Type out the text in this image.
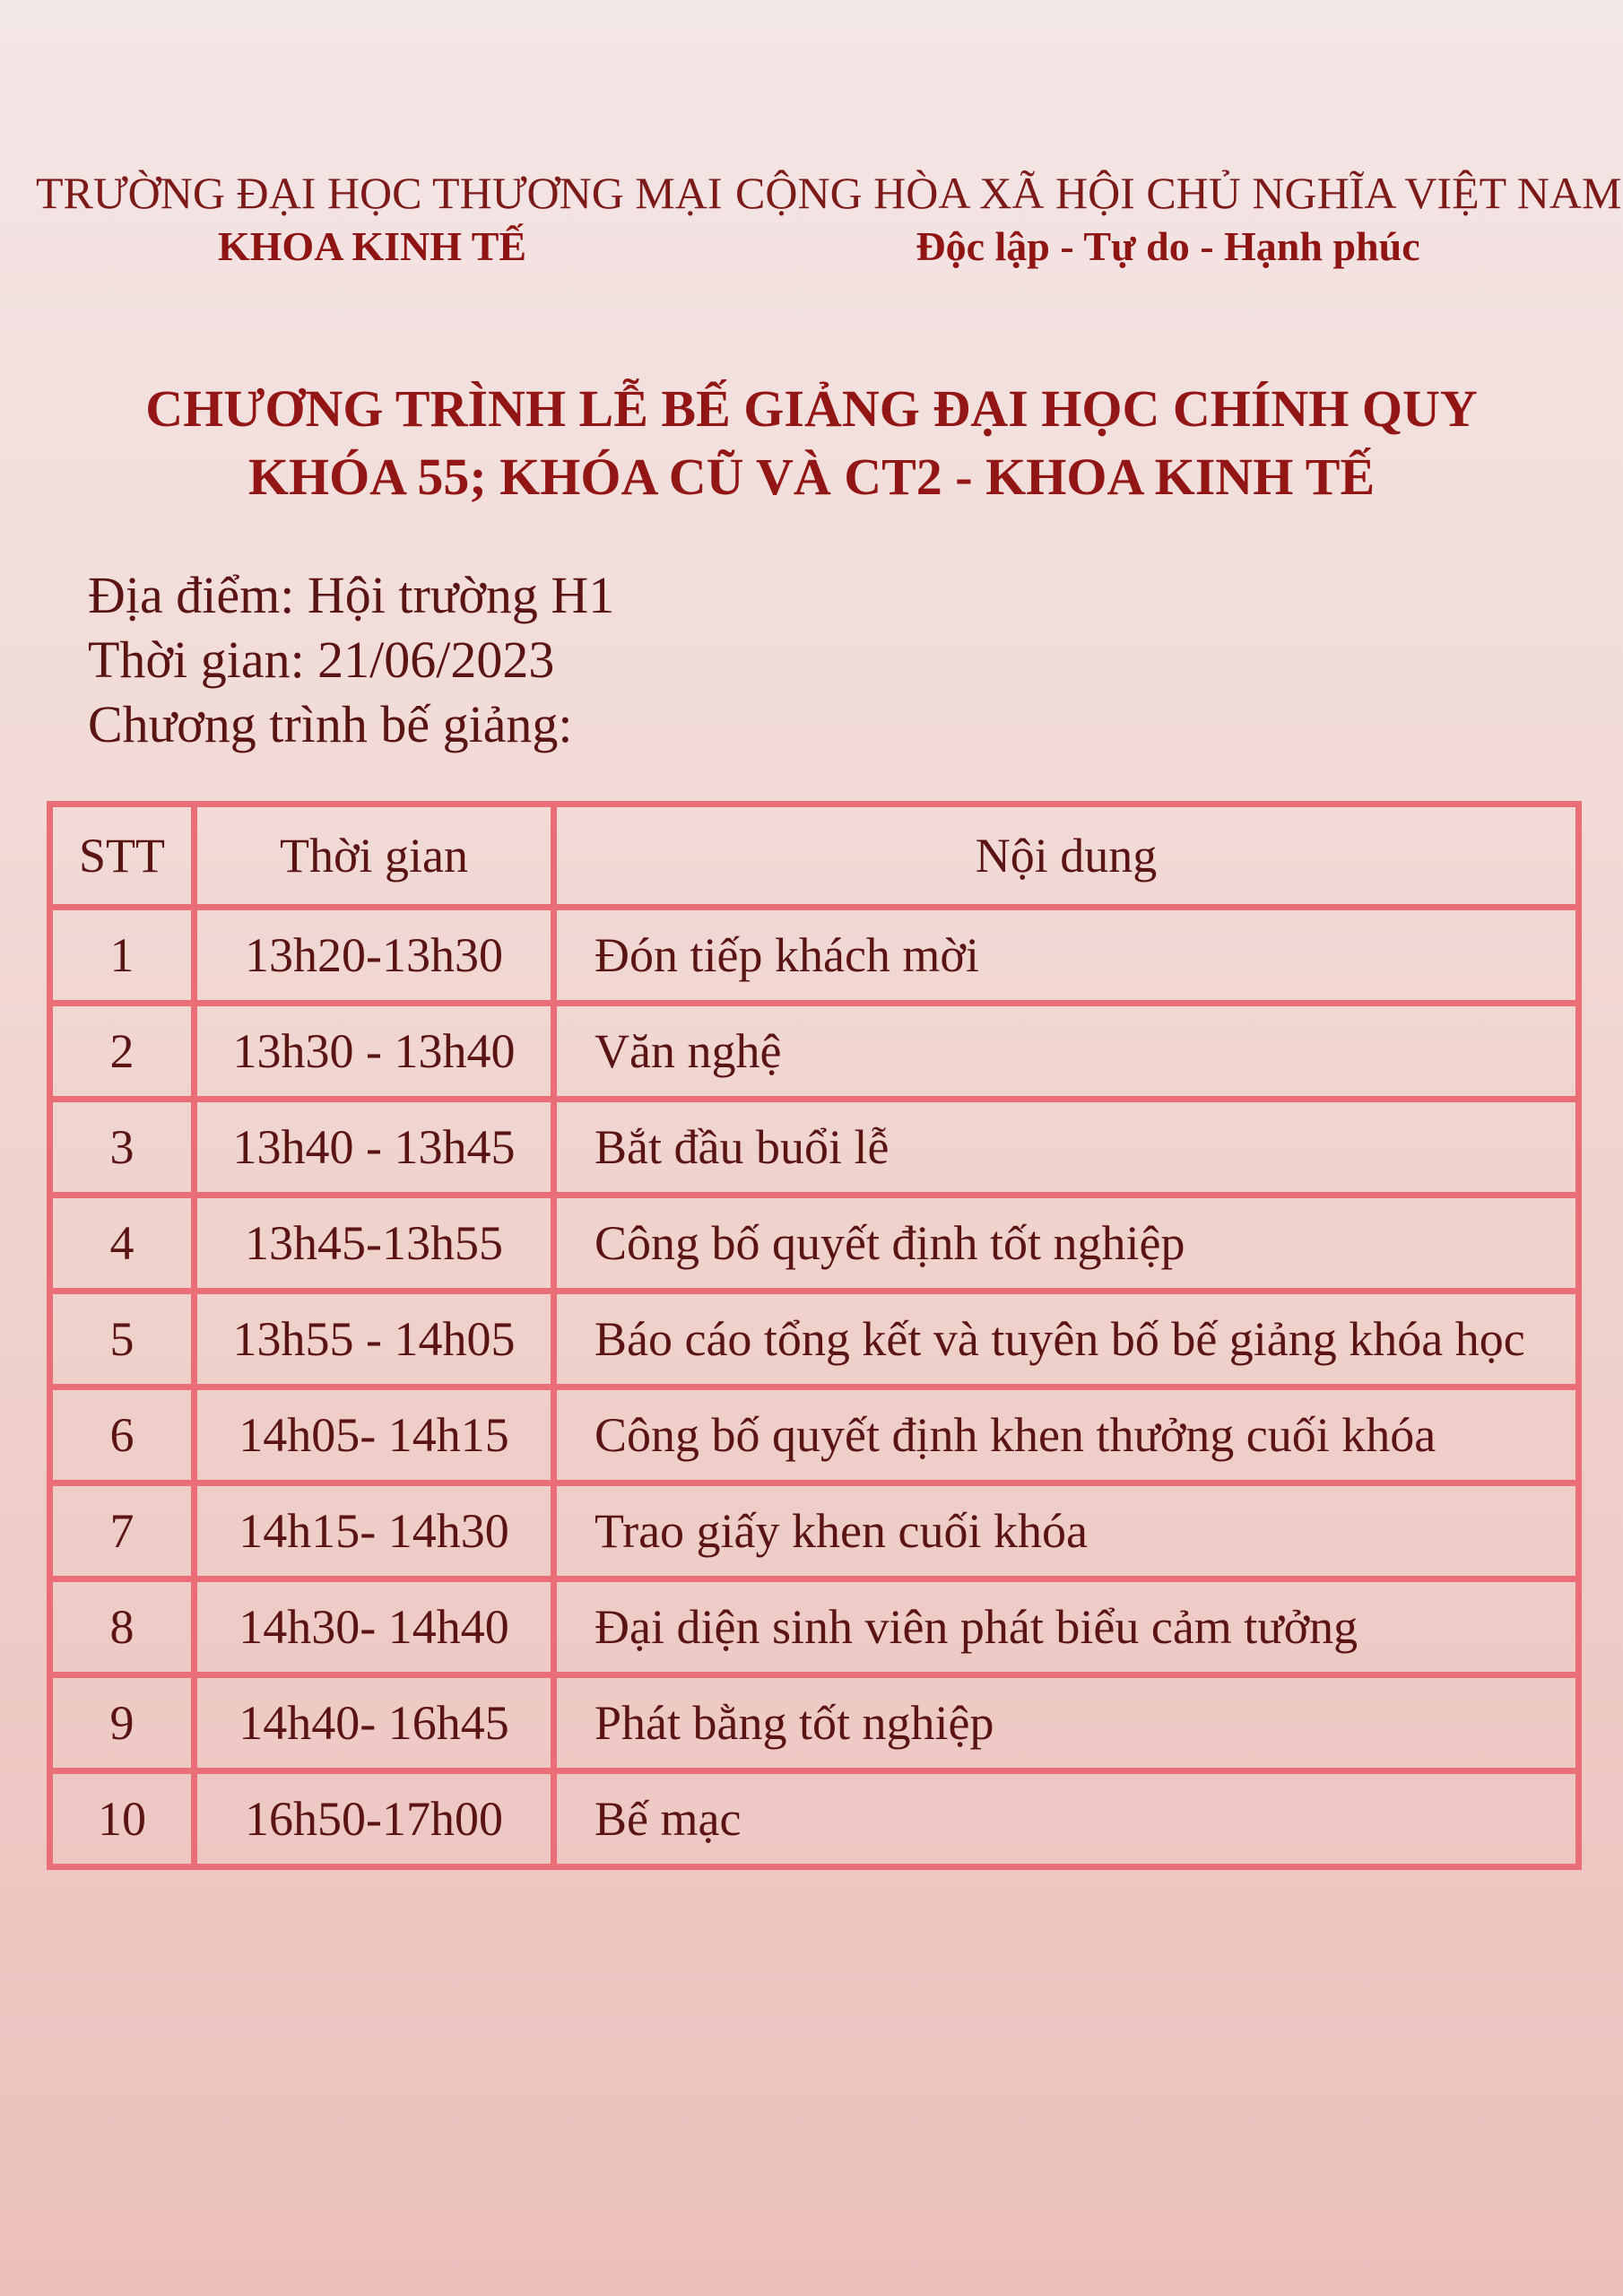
TRƯỜNG ĐẠI HỌC THƯƠNG MẠI
KHOA KINH TẾ
CỘNG HÒA XÃ HỘI CHỦ NGHĨA VIỆT NAM
Độc lập - Tự do - Hạnh phúc
CHƯƠNG TRÌNH LỄ BẾ GIẢNG ĐẠI HỌC CHÍNH QUY
KHÓA 55; KHÓA CŨ VÀ CT2 - KHOA KINH TẾ
Địa điểm: Hội trường H1
Thời gian: 21/06/2023
Chương trình bế giảng:
STT	Thời gian	Nội dung
1	13h20-13h30	Đón tiếp khách mời
2	13h30 - 13h40	Văn nghệ
3	13h40 - 13h45	Bắt đầu buổi lễ
4	13h45-13h55	Công bố quyết định tốt nghiệp
5	13h55 - 14h05	Báo cáo tổng kết và tuyên bố bế giảng khóa học
6	14h05- 14h15	Công bố quyết định khen thưởng cuối khóa
7	14h15- 14h30	Trao giấy khen cuối khóa
8	14h30- 14h40	Đại diện sinh viên phát biểu cảm tưởng
9	14h40- 16h45	Phát bằng tốt nghiệp
10	16h50-17h00	Bế mạc
